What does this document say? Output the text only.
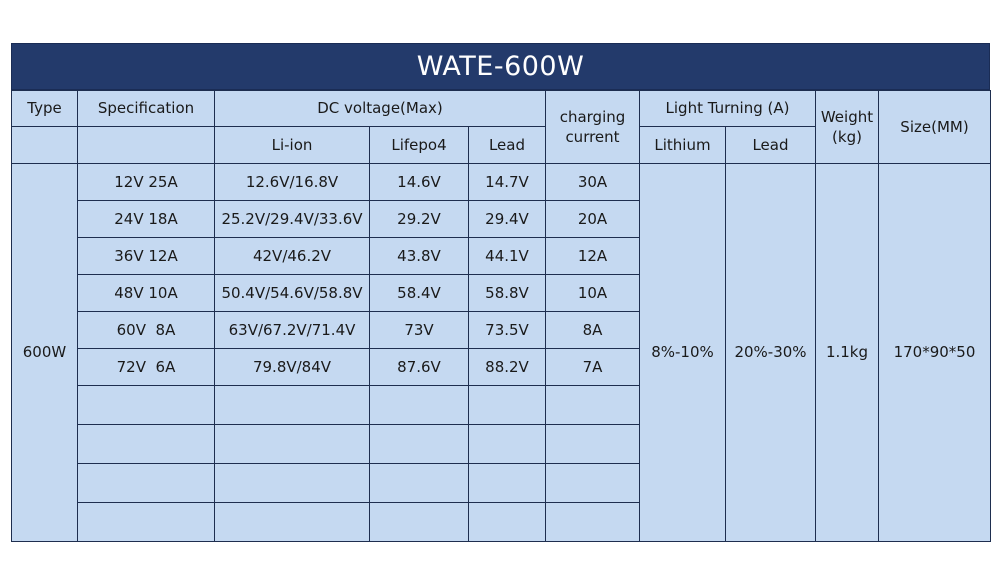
WATE-600W
Type	Specification	DC voltage(Max)			charging current	Light Turning (A)		Weight (kg)	Size(MM)
		Li-ion	Lifepo4	Lead		Lithium	Lead		
600W	12V 25A	12.6V/16.8V	14.6V	14.7V	30A	8%-10%	20%-30%	1.1kg	170*90*50
	24V 18A	25.2V/29.4V/33.6V	29.2V	29.4V	20A				
	36V 12A	42V/46.2V	43.8V	44.1V	12A				
	48V 10A	50.4V/54.6V/58.8V	58.4V	58.8V	10A				
	60V  8A	63V/67.2V/71.4V	73V	73.5V	8A				
	72V  6A	79.8V/84V	87.6V	88.2V	7A				
